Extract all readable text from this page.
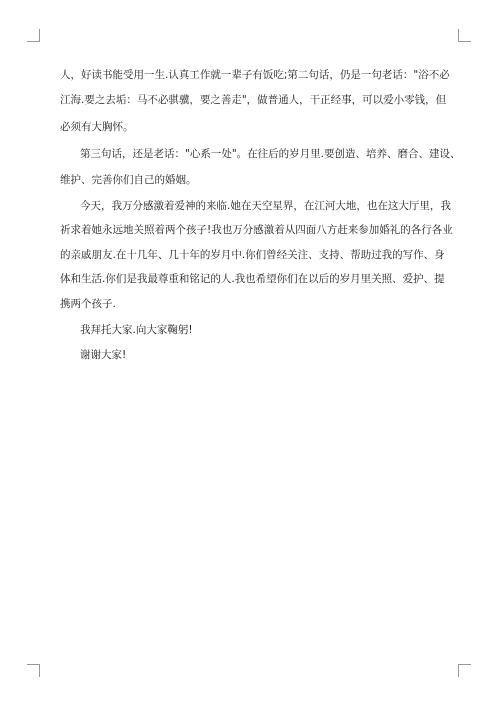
人，好读书能受用一生.认真工作就一辈子有饭吃;第二句话，仍是一句老话："浴不必
江海.要之去垢：马不必骐骥，要之善走"，做普通人，干正经事，可以爱小零钱，但
必须有大胸怀。
第三句话，还是老话："心系一处"。在往后的岁月里.要创造、培养、磨合、建设、
维护、完善你们自己的婚姻。
今天，我万分感激着爱神的来临.她在天空星界，在江河大地，也在这大厅里，我
祈求着她永远地关照着两个孩子!我也万分感激着从四面八方赶来参加婚礼的各行各业
的亲戚朋友.在十几年、几十年的岁月中.你们曾经关注、支持、帮助过我的写作、身
体和生活.你们是我最尊重和铭记的人.我也希望你们在以后的岁月里关照、爱护、提
携两个孩子.
我拜托大家.向大家鞠躬!
谢谢大家!
